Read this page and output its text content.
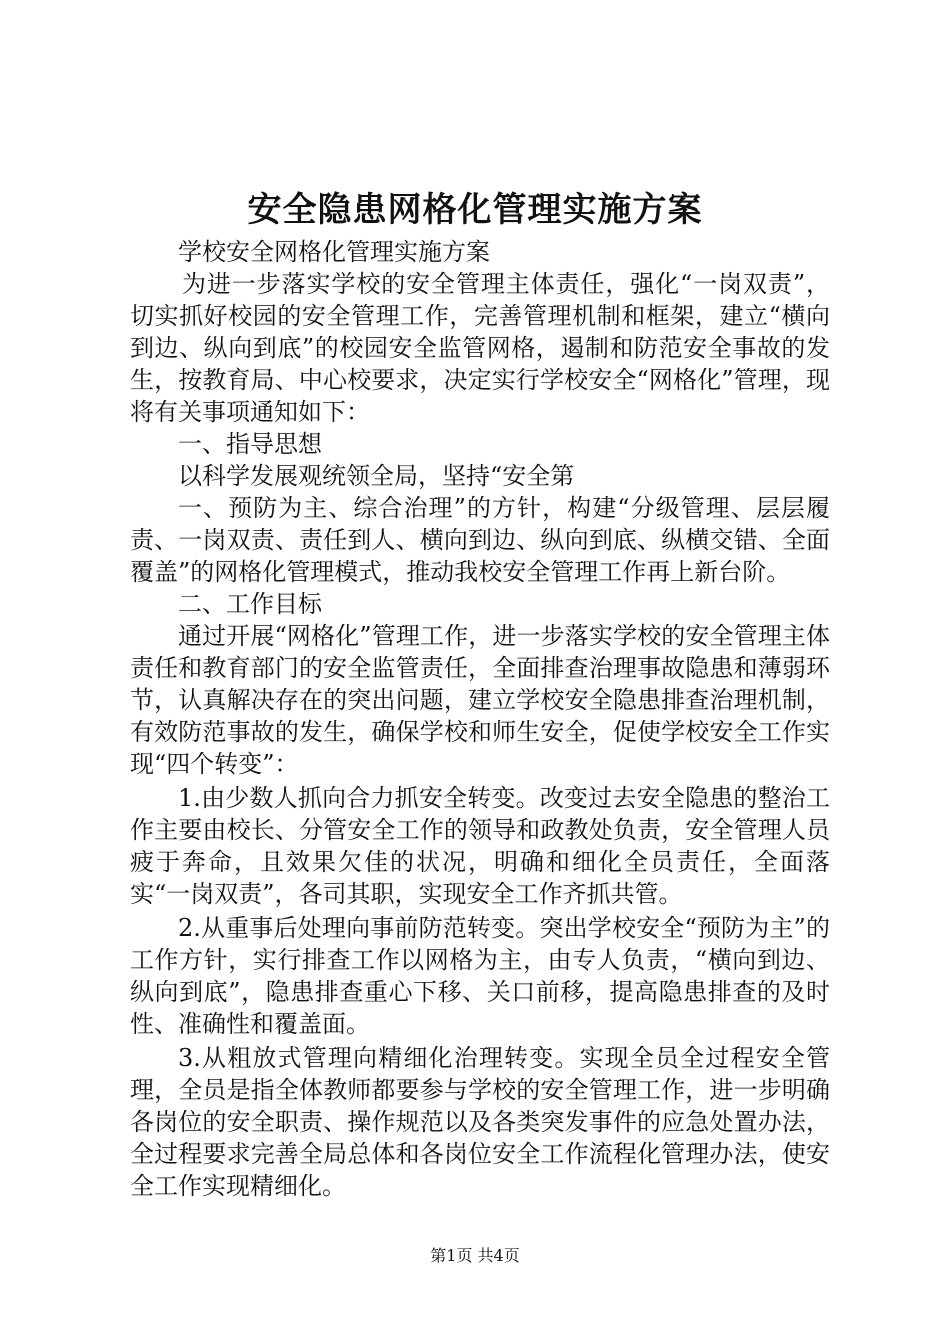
安全隐患网格化管理实施方案

学校安全网格化管理实施方案

为进一步落实学校的安全管理主体责任，强化“一岗双责”，切实抓好校园的安全管理工作，完善管理机制和框架，建立“横向到边、纵向到底”的校园安全监管网格，遏制和防范安全事故的发生，按教育局、中心校要求，决定实行学校安全“网格化”管理，现将有关事项通知如下：

一、指导思想

以科学发展观统领全局，坚持“安全第

一、预防为主、综合治理”的方针，构建“分级管理、层层履责、一岗双责、责任到人、横向到边、纵向到底、纵横交错、全面覆盖”的网格化管理模式，推动我校安全管理工作再上新台阶。

二、工作目标

通过开展“网格化”管理工作，进一步落实学校的安全管理主体责任和教育部门的安全监管责任，全面排查治理事故隐患和薄弱环节，认真解决存在的突出问题，建立学校安全隐患排查治理机制，有效防范事故的发生，确保学校和师生安全，促使学校安全工作实现“四个转变”：

1.由少数人抓向合力抓安全转变。改变过去安全隐患的整治工作主要由校长、分管安全工作的领导和政教处负责，安全管理人员疲于奔命，且效果欠佳的状况，明确和细化全员责任，全面落实“一岗双责”，各司其职，实现安全工作齐抓共管。

2.从重事后处理向事前防范转变。突出学校安全“预防为主”的工作方针，实行排查工作以网格为主，由专人负责，“横向到边、纵向到底”，隐患排查重心下移、关口前移，提高隐患排查的及时性、准确性和覆盖面。

3.从粗放式管理向精细化治理转变。实现全员全过程安全管理，全员是指全体教师都要参与学校的安全管理工作，进一步明确各岗位的安全职责、操作规范以及各类突发事件的应急处置办法，全过程要求完善全局总体和各岗位安全工作流程化管理办法，使安全工作实现精细化。

第1页 共4页
